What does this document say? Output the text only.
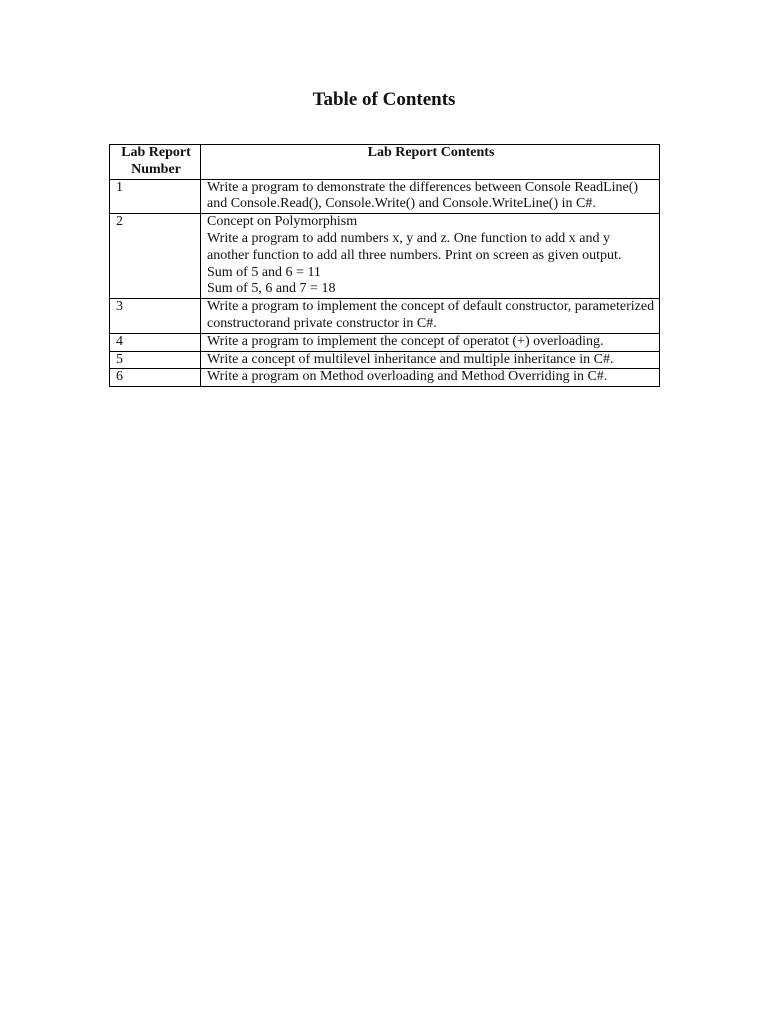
Table of Contents
Lab Report Number	Lab Report Contents
1	Write a program to demonstrate the differences between Console ReadLine() and Console.Read(), Console.Write() and Console.WriteLine() in C#.

2	Concept on Polymorphism
Write a program to add numbers x, y and z. One function to add x and y another function to add all three numbers. Print on screen as given output.
Sum of 5 and 6 = 11
Sum of 5, 6 and 7 = 18

3	Write a program to implement the concept of default constructor, parameterized constructorand private constructor in C#.

4	Write a program to implement the concept of operatot (+) overloading.

5	Write a concept of multilevel inheritance and multiple inheritance in C#.

6	Write a program on Method overloading and Method Overriding in C#.
